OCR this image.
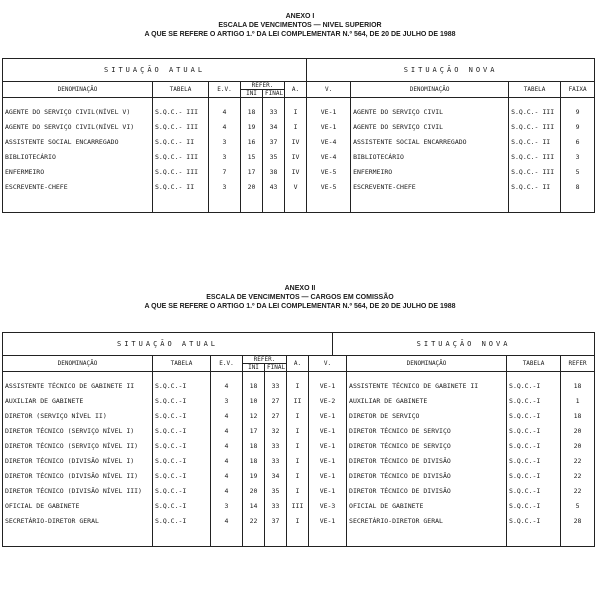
ANEXO I
ESCALA DE VENCIMENTOS — NIVEL SUPERIOR
A QUE SE REFERE O ARTIGO 1.º DA LEI COMPLEMENTAR N.º 564, DE 20 DE JULHO DE 1988
SITUAÇÃO ATUAL						SITUAÇÃO NOVA			
DENOMINAÇÃO	TABELA	E.V.	REFER.		A.	V.	DENOMINAÇÃO	TABELA	FAIXA
			INI	FINAL					
AGENTE DO SERVIÇO CIVIL(NÍVEL V)	S.Q.C.- III	4	18	33	I	VE-1	AGENTE DO SERVIÇO CIVIL	S.Q.C.- III	9
AGENTE DO SERVIÇO CIVIL(NÍVEL VI)	S.Q.C.- III	4	19	34	I	VE-1	AGENTE DO SERVIÇO CIVIL	S.Q.C.- III	9
ASSISTENTE SOCIAL ENCARREGADO	S.Q.C.- II	3	16	37	IV	VE-4	ASSISTENTE SOCIAL ENCARREGADO	S.Q.C.- II	6
BIBLIOTECÁRIO	S.Q.C.- III	3	15	35	IV	VE-4	BIBLIOTECÁRIO	S.Q.C.- III	3
ENFERMEIRO	S.Q.C.- III	7	17	38	IV	VE-5	ENFERMEIRO	S.Q.C.- III	5
ESCREVENTE-CHEFE	S.Q.C.- II	3	20	43	V	VE-5	ESCREVENTE-CHEFE	S.Q.C.- II	8

ANEXO II
ESCALA DE VENCIMENTOS — CARGOS EM COMISSÃO
A QUE SE REFERE O ARTIGO 1.º DA LEI COMPLEMENTAR N.º 564, DE 20 DE JULHO DE 1988
SITUAÇÃO ATUAL							SITUAÇÃO NOVA			
DENOMINAÇÃO	TABELA	E.V.	REFER.		A.	V.		DENOMINAÇÃO	TABELA	REFER
			INI	FINAL						
ASSISTENTE TÉCNICO DE GABINETE II	S.Q.C.-I	4	18	33	I	VE-1		ASSISTENTE TÉCNICO DE GABINETE II	S.Q.C.-I	18
AUXILIAR DE GABINETE	S.Q.C.-I	3	10	27	II	VE-2		AUXILIAR DE GABINETE	S.Q.C.-I	1
DIRETOR (SERVIÇO NÍVEL II)	S.Q.C.-I	4	12	27	I	VE-1		DIRETOR DE SERVIÇO	S.Q.C.-I	18
DIRETOR TÉCNICO (SERVIÇO NÍVEL I)	S.Q.C.-I	4	17	32	I	VE-1		DIRETOR TÉCNICO DE SERVIÇO	S.Q.C.-I	20
DIRETOR TÉCNICO (SERVIÇO NÍVEL II)	S.Q.C.-I	4	18	33	I	VE-1		DIRETOR TÉCNICO DE SERVIÇO	S.Q.C.-I	20
DIRETOR TÉCNICO (DIVISÃO NÍVEL I)	S.Q.C.-I	4	18	33	I	VE-1		DIRETOR TÉCNICO DE DIVISÃO	S.Q.C.-I	22
DIRETOR TÉCNICO (DIVISÃO NÍVEL II)	S.Q.C.-I	4	19	34	I	VE-1		DIRETOR TÉCNICO DE DIVISÃO	S.Q.C.-I	22
DIRETOR TÉCNICO (DIVISÃO NÍVEL III)	S.Q.C.-I	4	20	35	I	VE-1		DIRETOR TÉCNICO DE DIVISÃO	S.Q.C.-I	22
OFICIAL DE GABINETE	S.Q.C.-I	3	14	33	III	VE-3		OFICIAL DE GABINETE	S.Q.C.-I	5
SECRETÁRIO-DIRETOR GERAL	S.Q.C.-I	4	22	37	I	VE-1		SECRETÁRIO-DIRETOR GERAL	S.Q.C.-I	28
